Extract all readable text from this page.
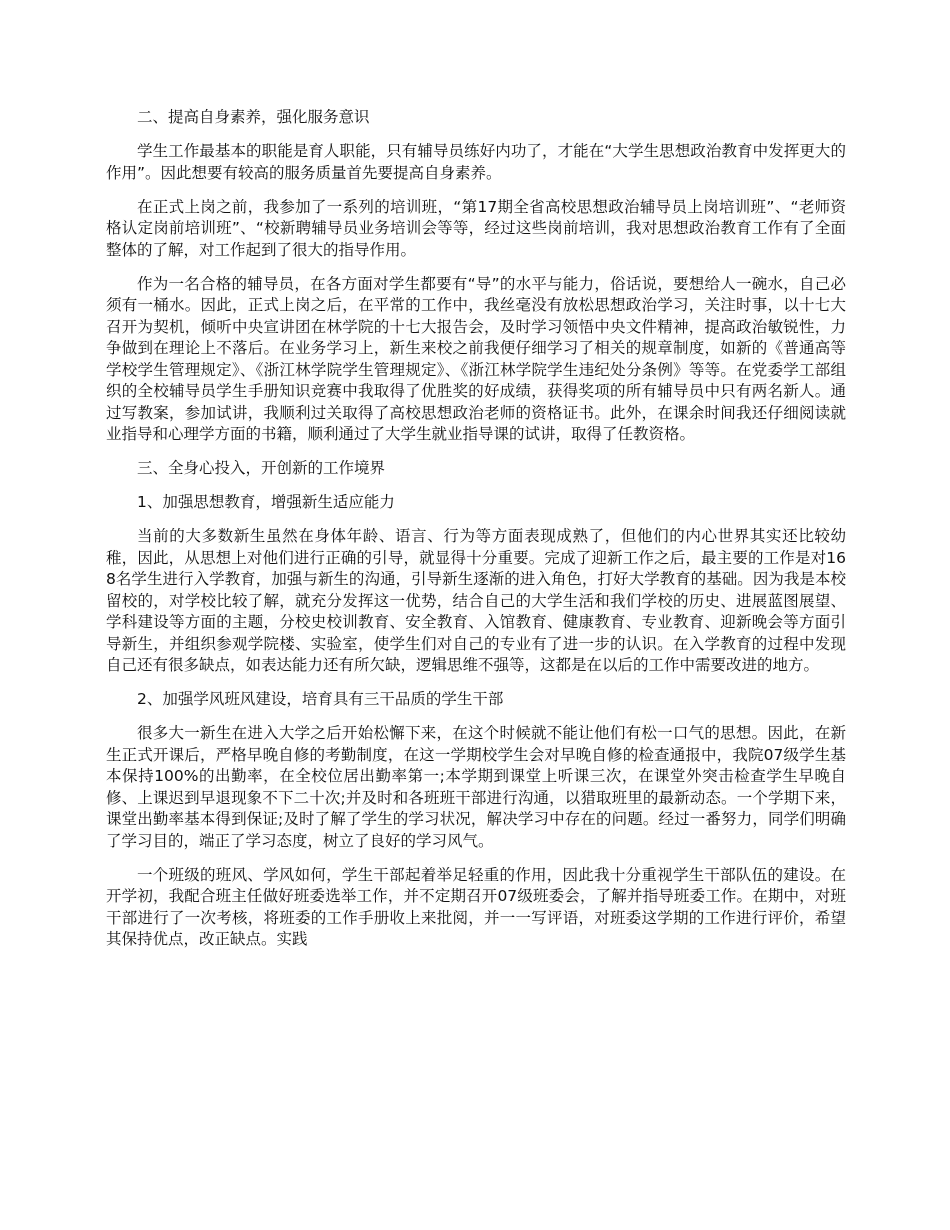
二、提高自身素养，强化服务意识

学生工作最基本的职能是育人职能，只有辅导员练好内功了，才能在“大学生思想政治教育中发挥更大的作用”。因此想要有较高的服务质量首先要提高自身素养。

在正式上岗之前，我参加了一系列的培训班，“第17期全省高校思想政治辅导员上岗培训班”、“老师资格认定岗前培训班”、“校新聘辅导员业务培训会等等，经过这些岗前培训，我对思想政治教育工作有了全面整体的了解，对工作起到了很大的指导作用。

作为一名合格的辅导员，在各方面对学生都要有“导”的水平与能力，俗话说，要想给人一碗水，自己必须有一桶水。因此，正式上岗之后，在平常的工作中，我丝毫没有放松思想政治学习，关注时事，以十七大召开为契机，倾听中央宣讲团在林学院的十七大报告会，及时学习领悟中央文件精神，提高政治敏锐性，力争做到在理论上不落后。在业务学习上，新生来校之前我便仔细学习了相关的规章制度，如新的《普通高等学校学生管理规定》、《浙江林学院学生管理规定》、《浙江林学院学生违纪处分条例》等等。在党委学工部组织的全校辅导员学生手册知识竞赛中我取得了优胜奖的好成绩，获得奖项的所有辅导员中只有两名新人。通过写教案，参加试讲，我顺利过关取得了高校思想政治老师的资格证书。此外，在课余时间我还仔细阅读就业指导和心理学方面的书籍，顺利通过了大学生就业指导课的试讲，取得了任教资格。

三、全身心投入，开创新的工作境界

1、加强思想教育，增强新生适应能力

当前的大多数新生虽然在身体年龄、语言、行为等方面表现成熟了，但他们的内心世界其实还比较幼稚，因此，从思想上对他们进行正确的引导，就显得十分重要。完成了迎新工作之后，最主要的工作是对168名学生进行入学教育，加强与新生的沟通，引导新生逐渐的进入角色，打好大学教育的基础。因为我是本校留校的，对学校比较了解，就充分发挥这一优势，结合自己的大学生活和我们学校的历史、进展蓝图展望、学科建设等方面的主题，分校史校训教育、安全教育、入馆教育、健康教育、专业教育、迎新晚会等方面引导新生，并组织参观学院楼、实验室，使学生们对自己的专业有了进一步的认识。在入学教育的过程中发现自己还有很多缺点，如表达能力还有所欠缺，逻辑思维不强等，这都是在以后的工作中需要改进的地方。

2、加强学风班风建设，培育具有三干品质的学生干部

很多大一新生在进入大学之后开始松懈下来，在这个时候就不能让他们有松一口气的思想。因此，在新生正式开课后，严格早晚自修的考勤制度，在这一学期校学生会对早晚自修的检查通报中，我院07级学生基本保持100%的出勤率，在全校位居出勤率第一;本学期到课堂上听课三次，在课堂外突击检查学生早晚自修、上课迟到早退现象不下二十次;并及时和各班班干部进行沟通，以猎取班里的最新动态。一个学期下来，课堂出勤率基本得到保证;及时了解了学生的学习状况，解决学习中存在的问题。经过一番努力，同学们明确了学习目的，端正了学习态度，树立了良好的学习风气。

一个班级的班风、学风如何，学生干部起着举足轻重的作用，因此我十分重视学生干部队伍的建设。在开学初，我配合班主任做好班委选举工作，并不定期召开07级班委会，了解并指导班委工作。在期中，对班干部进行了一次考核，将班委的工作手册收上来批阅，并一一写评语，对班委这学期的工作进行评价，希望其保持优点，改正缺点。实践
